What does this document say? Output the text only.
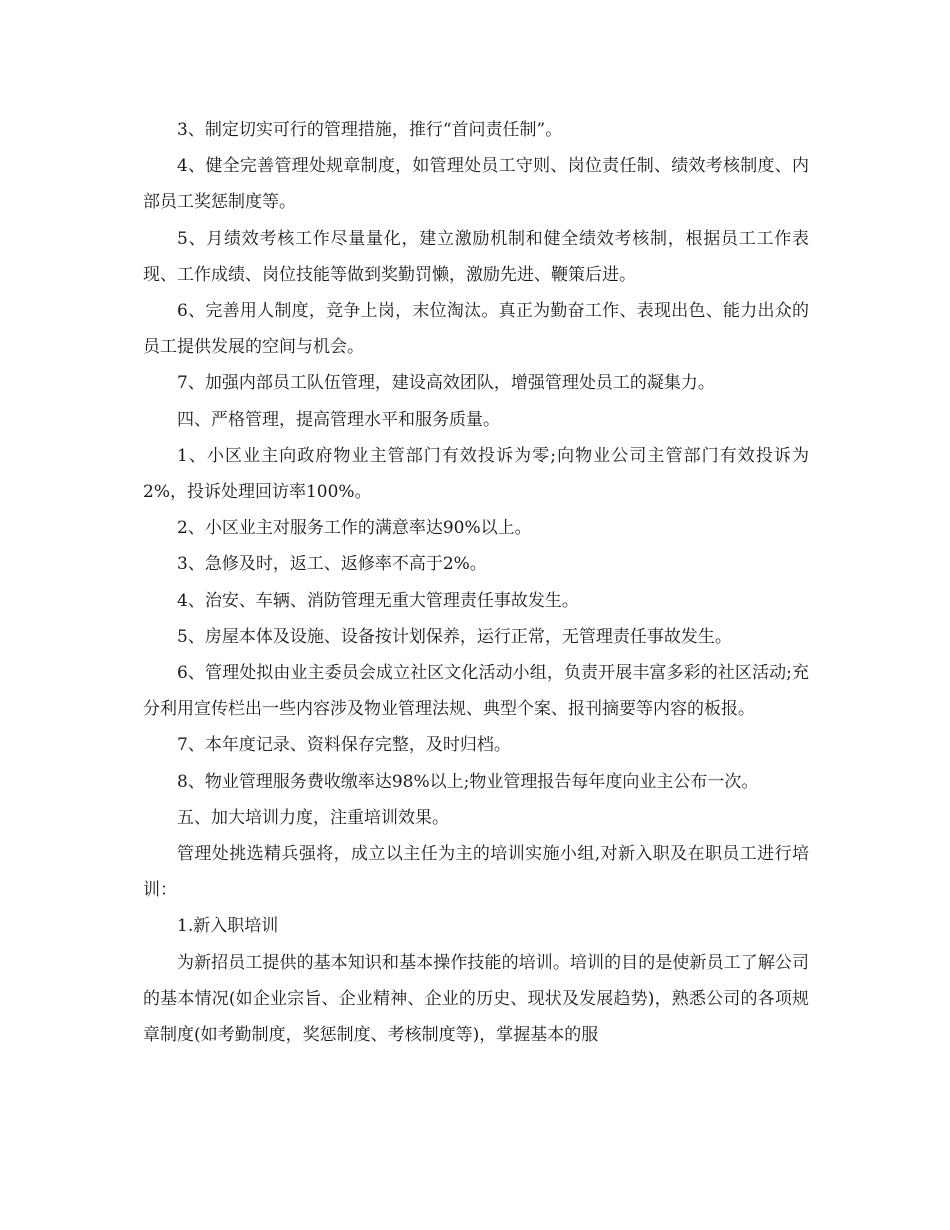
3、制定切实可行的管理措施，推行“首问责任制”。

4、健全完善管理处规章制度，如管理处员工守则、岗位责任制、绩效考核制度、内部员工奖惩制度等。

5、月绩效考核工作尽量量化，建立激励机制和健全绩效考核制，根据员工工作表现、工作成绩、岗位技能等做到奖勤罚懒，激励先进、鞭策后进。

6、完善用人制度，竞争上岗，末位淘汰。真正为勤奋工作、表现出色、能力出众的员工提供发展的空间与机会。

7、加强内部员工队伍管理，建设高效团队，增强管理处员工的凝集力。

四、严格管理，提高管理水平和服务质量。

1、小区业主向政府物业主管部门有效投诉为零;向物业公司主管部门有效投诉为2%，投诉处理回访率100%。

2、小区业主对服务工作的满意率达90%以上。

3、急修及时，返工、返修率不高于2%。

4、治安、车辆、消防管理无重大管理责任事故发生。

5、房屋本体及设施、设备按计划保养，运行正常，无管理责任事故发生。

6、管理处拟由业主委员会成立社区文化活动小组，负责开展丰富多彩的社区活动;充分利用宣传栏出一些内容涉及物业管理法规、典型个案、报刊摘要等内容的板报。

7、本年度记录、资料保存完整，及时归档。

8、物业管理服务费收缴率达98%以上;物业管理报告每年度向业主公布一次。

五、加大培训力度，注重培训效果。

管理处挑选精兵强将，成立以主任为主的培训实施小组,对新入职及在职员工进行培训：

1.新入职培训

为新招员工提供的基本知识和基本操作技能的培训。培训的目的是使新员工了解公司的基本情况(如企业宗旨、企业精神、企业的历史、现状及发展趋势)，熟悉公司的各项规章制度(如考勤制度，奖惩制度、考核制度等)，掌握基本的服
